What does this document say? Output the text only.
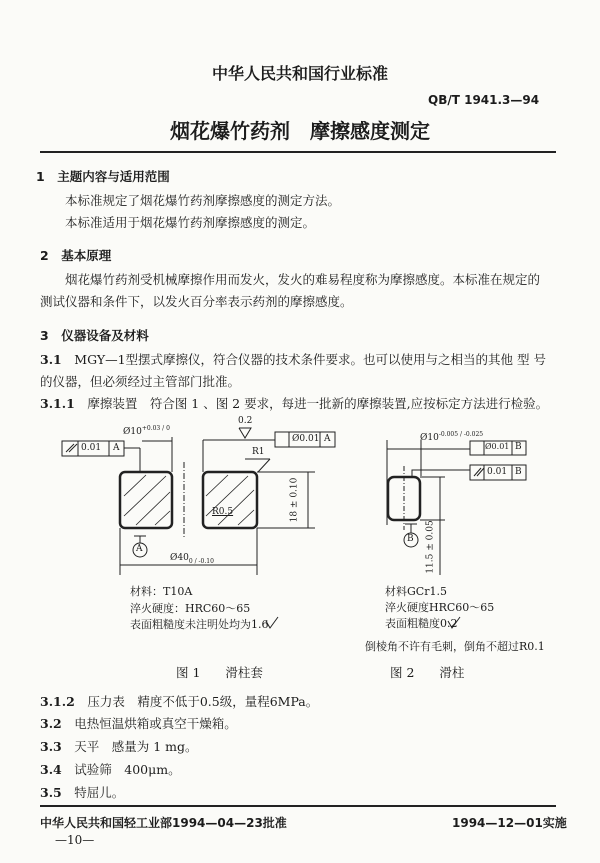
中华人民共和国行业标准
QB/T 1941.3—94
烟花爆竹药剂　摩擦感度测定
1　 主题内容与适用范围
本标准规定了烟花爆竹药剂摩擦感度的测定方法。
本标准适用于烟花爆竹药剂摩擦感度的测定。
2　 基本原理
烟花爆竹药剂受机械摩擦作用而发火，发火的难易程度称为摩擦感度。本标准在规定的
测试仪器和条件下，以发火百分率表示药剂的摩擦感度。
3　 仪器设备及材料
3.1　 MGY—1型摆式摩擦仪，符合仪器的技术条件要求。也可以使用与之相当的其他 型 号
的仪器，但必须经过主管部门批准。
3.1.1　 摩擦装置　符合图 1 、图 2 要求，每进一批新的摩擦装置,应按标定方法进行检验。
0.01 A
$Ø10^{+0.03 / 0}$
0.2
Ø0.01 A
R1
R0.5	18 ± 0.10
A
$Ø40_{0 / -0.10}$
材料：T10A
淬火硬度：HRC60～65
表面粗糙度未注明处均为1.6
图 1　　滑柱套
$Ø10^{-0.005 / -0.025}$
Ø0.01 B
0.01 B
B 11.5 ± 0.05
材料GCr1.5
淬火硬度HRC60～65
表面粗糙度0.2
倒棱角不许有毛刺，倒角不超过R0.1
图 2　　滑柱
3.1.2　 压力表　精度不低于0.5级，量程6MPa。
3.2　 电热恒温烘箱或真空干燥箱。
3.3　 天平　感量为 1 mg。
3.4　 试验筛　400μm。
3.5　 特屈儿。
中华人民共和国轻工业部1994—04—23批准	1994—12—01实施
—10—
